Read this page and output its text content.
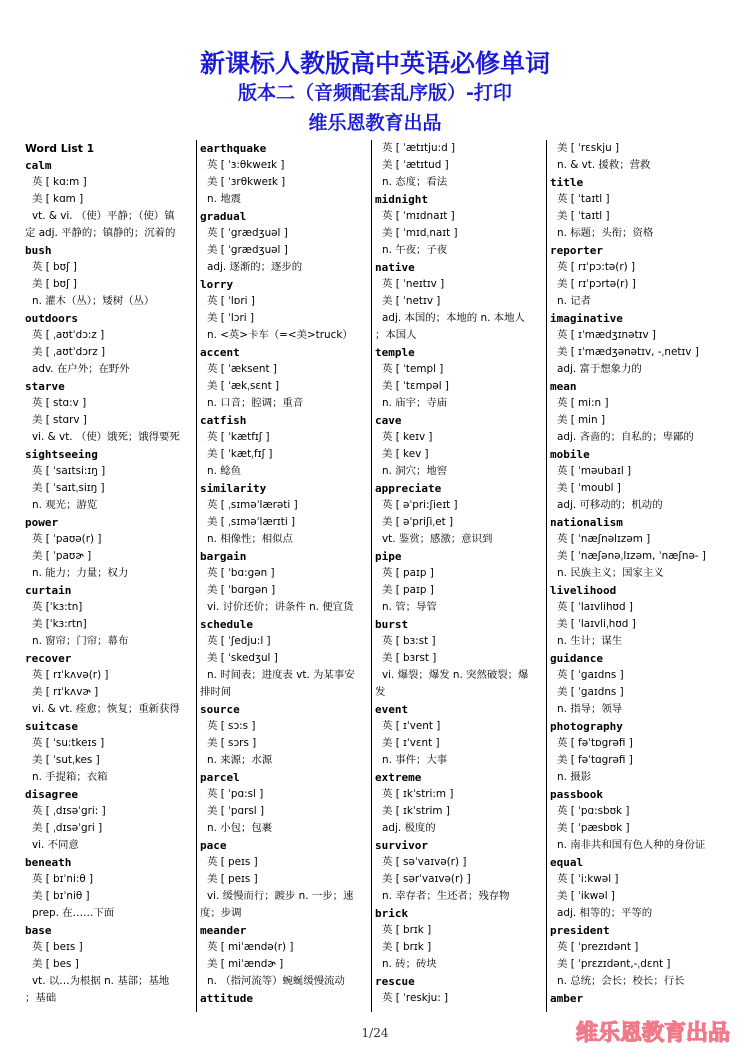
新课标人教版高中英语必修单词
版本二（音频配套乱序版）-打印
维乐恩教育出品
Word List 1
calm
英 [ kɑ:m ]
美 [ kɑm ]
vt. & vi. （使）平静；（使）镇
定 adj. 平静的；镇静的；沉着的
bush
英 [ bʊʃ ]
美 [ bʊʃ ]
n. 灌木（丛）；矮树（丛）
outdoors
英 [ ˌaʊtˈdɔ:z ]
美 [ ˌaʊtˈdɔrz ]
adv. 在户外；在野外
starve
英 [ stɑ:v ]
美 [ stɑrv ]
vi. & vt. （使）饿死；饿得要死
sightseeing
英 [ ˈsaɪtsi:ɪŋ ]
美 [ ˈsaɪtˌsiɪŋ ]
n. 观光；游览
power
英 [ ˈpaʊə(r) ]
美 [ ˈpaʊɚ ]
n. 能力；力量；权力
curtain
英 [ˈkɜ:tn]
美 [ˈkɜ:rtn]
n. 窗帘；门帘；幕布
recover
英 [ rɪˈkʌvə(r) ]
美 [ rɪˈkʌvɚ ]
vi. & vt. 痊愈；恢复；重新获得
suitcase
英 [ ˈsu:tkeɪs ]
美 [ ˈsutˌkes ]
n. 手提箱；衣箱
disagree
英 [ ˌdɪsəˈgri: ]
美 [ ˌdɪsəˈgri ]
vi. 不同意
beneath
英 [ bɪˈni:θ ]
美 [ bɪˈniθ ]
prep. 在……下面
base
英 [ beɪs ]
美 [ bes ]
vt. 以…为根据 n. 基部；基地
；基础
earthquake
英 [ ˈɜ:θkweɪk ]
美 [ ˈɜrθkweɪk ]
n. 地震
gradual
英 [ ˈgrædʒuəl ]
美 [ ˈgrædʒuəl ]
adj. 逐渐的；逐步的
lorry
英 [ ˈlɒri ]
美 [ ˈlɔri ]
n. <英>卡车（=<美>truck）
accent
英 [ ˈæksent ]
美 [ ˈækˌsɛnt ]
n. 口音；腔调；重音
catfish
英 [ ˈkætfɪʃ ]
美 [ ˈkætˌfɪʃ ]
n. 鲶鱼
similarity
英 [ ˌsɪməˈlærəti ]
美 [ ˌsɪməˈlærɪti ]
n. 相像性；相似点
bargain
英 [ ˈbɑ:gən ]
美 [ ˈbɑrgən ]
vi. 讨价还价；讲条件 n. 便宜货
schedule
英 [ ˈʃedju:l ]
美 [ ˈskedʒul ]
n. 时间表；进度表 vt. 为某事安
排时间
source
英 [ sɔ:s ]
美 [ sɔrs ]
n. 来源；水源
parcel
英 [ ˈpɑ:sl ]
美 [ ˈpɑrsl ]
n. 小包；包裹
pace
英 [ peɪs ]
美 [ peɪs ]
vi. 缓慢而行；踱步 n. 一步；速
度；步调
meander
英 [ miˈændə(r) ]
美 [ miˈændɚ ]
n. （指河流等）蜿蜒缓慢流动
attitude
英 [ ˈætɪtju:d ]
美 [ ˈætɪtud ]
n. 态度；看法
midnight
英 [ ˈmɪdnaɪt ]
美 [ ˈmɪdˌnaɪt ]
n. 午夜；子夜
native
英 [ ˈneɪtɪv ]
美 [ ˈnetɪv ]
adj. 本国的；本地的 n. 本地人
；本国人
temple
英 [ ˈtempl ]
美 [ ˈtɛmpəl ]
n. 庙宇；寺庙
cave
英 [ keɪv ]
美 [ kev ]
n. 洞穴；地窖
appreciate
英 [ əˈpri:ʃieɪt ]
美 [ əˈpriʃiˌet ]
vt. 鉴赏；感激；意识到
pipe
英 [ paɪp ]
美 [ paɪp ]
n. 管；导管
burst
英 [ bɜ:st ]
美 [ bɜrst ]
vi. 爆裂；爆发 n. 突然破裂；爆
发
event
英 [ ɪˈvent ]
美 [ ɪˈvɛnt ]
n. 事件；大事
extreme
英 [ ɪkˈstri:m ]
美 [ ɪkˈstrim ]
adj. 极度的
survivor
英 [ səˈvaɪvə(r) ]
美 [ sərˈvaɪvə(r) ]
n. 幸存者；生还者；残存物
brick
英 [ brɪk ]
美 [ brɪk ]
n. 砖；砖块
rescue
英 [ ˈreskju: ]
美 [ ˈrɛskju ]
n. & vt. 援救；营救
title
英 [ ˈtaɪtl ]
美 [ ˈtaɪtl ]
n. 标题；头衔；资格
reporter
英 [ rɪˈpɔ:tə(r) ]
美 [ rɪˈpɔrtə(r) ]
n. 记者
imaginative
英 [ ɪˈmædʒɪnətɪv ]
美 [ ɪˈmædʒənətɪv, -ˌnetɪv ]
adj. 富于想象力的
mean
英 [ mi:n ]
美 [ min ]
adj. 吝啬的；自私的；卑鄙的
mobile
英 [ ˈməubaɪl ]
美 [ ˈmoubl ]
adj. 可移动的；机动的
nationalism
英 [ ˈnæʃnəlɪzəm ]
美 [ ˈnæʃənəˌlɪzəm, ˈnæʃnə- ]
n. 民族主义；国家主义
livelihood
英 [ ˈlaɪvlihʊd ]
美 [ ˈlaɪvliˌhʊd ]
n. 生计；谋生
guidance
英 [ ˈgaɪdns ]
美 [ ˈgaɪdns ]
n. 指导；领导
photography
英 [ fəˈtɒgrəfi ]
美 [ fəˈtɑgrəfi ]
n. 摄影
passbook
英 [ ˈpɑ:sbʊk ]
美 [ ˈpæsbʊk ]
n. 南非共和国有色人种的身份证
equal
英 [ ˈi:kwəl ]
美 [ ˈikwəl ]
adj. 相等的；平等的
president
英 [ ˈprezɪdənt ]
美 [ ˈprɛzɪdənt,-ˌdɛnt ]
n. 总统；会长；校长；行长
amber
1/24	维乐恩教育出品
